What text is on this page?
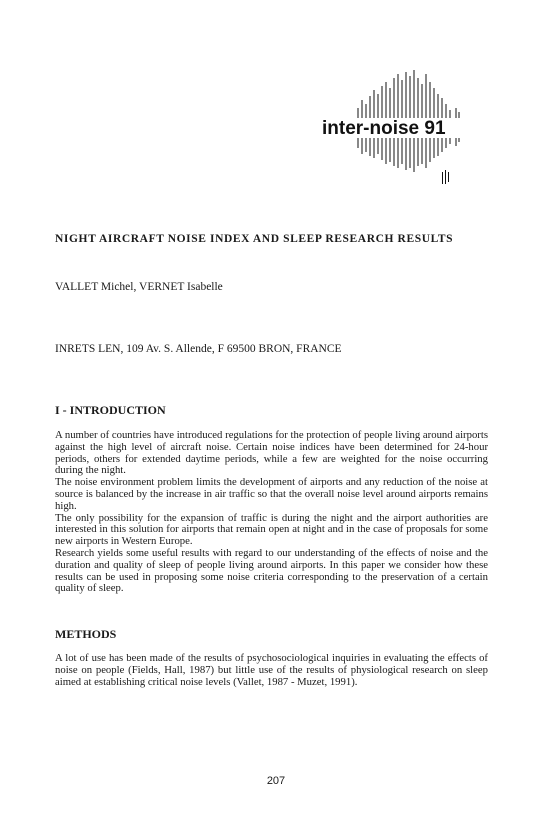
inter-noise 91
NIGHT AIRCRAFT NOISE INDEX AND SLEEP RESEARCH RESULTS

VALLET Michel, VERNET Isabelle

INRETS LEN, 109 Av. S. Allende, F 69500 BRON, FRANCE

I - INTRODUCTION
A number of countries have introduced regulations for the protection of people living around airports against the high level of aircraft noise. Certain noise indices have been determined for 24-hour periods, others for extended daytime periods, while a few are weighted for the noise occurring during the night.
The noise environment problem limits the development of airports and any reduction of the noise at source is balanced by the increase in air traffic so that the overall noise level around airports remains high.
The only possibility for the expansion of traffic is during the night and the airport authorities are interested in this solution for airports that remain open at night and in the case of proposals for some new airports in Western Europe.
Research yields some useful results with regard to our understanding of the effects of noise and the duration and quality of sleep of people living around airports. In this paper we consider how these results can be used in proposing some noise criteria corresponding to the preservation of a certain quality of sleep.
METHODS
A lot of use has been made of the results of psychosociological inquiries in evaluating the effects of noise on people (Fields, Hall, 1987) but little use of the results of physiological research on sleep aimed at establishing critical noise levels (Vallet, 1987 - Muzet, 1991).

207
